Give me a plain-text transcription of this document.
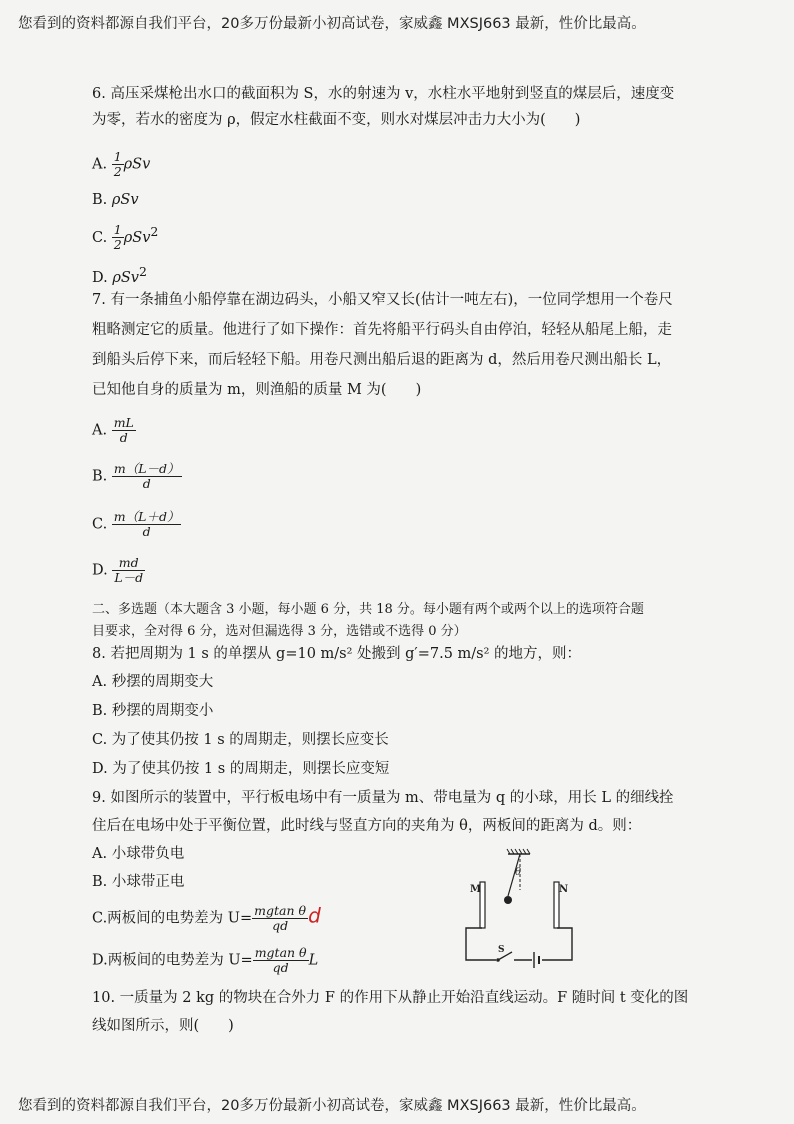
您看到的资料都源自我们平台，20多万份最新小初高试卷，家威鑫 MXSJ663 最新，性价比最高。
6. 高压采煤枪出水口的截面积为 S，水的射速为 v，水柱水平地射到竖直的煤层后，速度变
为零，若水的密度为 ρ，假定水柱截面不变，则水对煤层冲击力大小为(　　)
A. $\frac{1}{2}$ ρSv
B. ρSv
C. $\frac{1}{2} \rho Sv^2$
D. ρSv$^2$
7. 有一条捕鱼小船停靠在湖边码头，小船又窄又长(估计一吨左右)，一位同学想用一个卷尺
粗略测定它的质量。他进行了如下操作：首先将船平行码头自由停泊，轻轻从船尾上船，走
到船头后停下来，而后轻轻下船。用卷尺测出船后退的距离为 d，然后用卷尺测出船长 L，
已知他自身的质量为 m，则渔船的质量 M 为(　　)
A. $\frac{mL}{d}$
B. $\frac{m(L-d)}{d}$
C. $\frac{m(L+d)}{d}$
D. $\frac{md}{L-d}$
二、多选题（本大题含 3 小题，每小题 6 分，共 18 分。每小题有两个或两个以上的选项符合题
目要求，全对得 6 分，选对但漏选得 3 分，选错或不选得 0 分）
8. 若把周期为 1 s 的单摆从 g=10 m/s² 处搬到 g′=7.5 m/s² 的地方，则：
A. 秒摆的周期变大
B. 秒摆的周期变小
C. 为了使其仍按 1 s 的周期走，则摆长应变长
D. 为了使其仍按 1 s 的周期走，则摆长应变短
9. 如图所示的装置中，平行板电场中有一质量为 m、带电量为 q 的小球，用长 L 的细线拴
住后在电场中处于平衡位置，此时线与竖直方向的夹角为 θ，两板间的距离为 d。则：
A. 小球带负电
B. 小球带正电
C.两板间的电势差为 $U= \frac{\text{mgtan θ}}{qd}$ d
D.两板间的电势差为 $U= \frac{\text{mgtan θ}}{qd}$ L
θ
M	N
S
10. 一质量为 2 kg 的物块在合外力 F 的作用下从静止开始沿直线运动。F 随时间 t 变化的图
线如图所示，则(　　)
您看到的资料都源自我们平台，20多万份最新小初高试卷，家威鑫 MXSJ663 最新，性价比最高。
